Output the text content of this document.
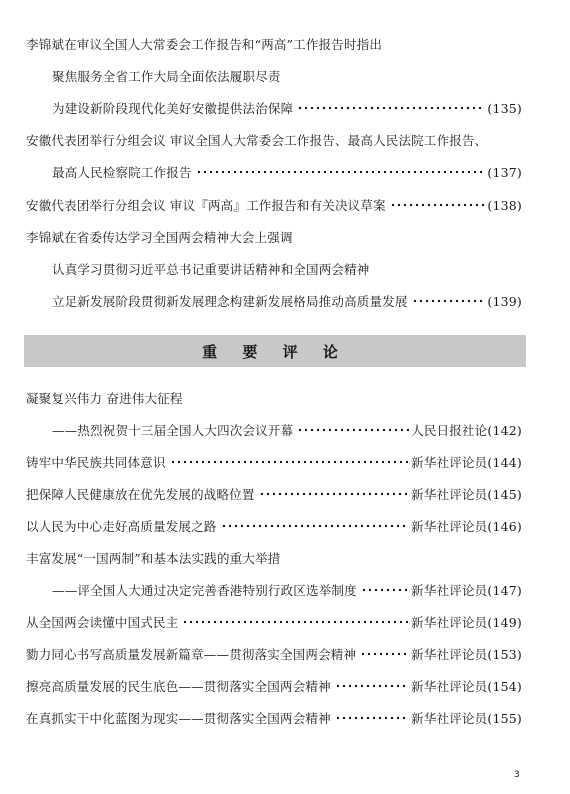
李锦斌在审议全国人大常委会工作报告和“两高”工作报告时指出
聚焦服务全省工作大局全面依法履职尽责
为建设新阶段现代化美好安徽提供法治保障	(135)
安徽代表团举行分组会议 审议全国人大常委会工作报告、最高人民法院工作报告、
最高人民检察院工作报告	(137)
安徽代表团举行分组会议 审议『两高』工作报告和有关决议草案	(138)
李锦斌在省委传达学习全国两会精神大会上强调
认真学习贯彻习近平总书记重要讲话精神和全国两会精神
立足新发展阶段贯彻新发展理念构建新发展格局推动高质量发展	(139)
重 要 评 论
凝聚复兴伟力 奋进伟大征程
——热烈祝贺十三届全国人大四次会议开幕	人民日报社论 (142)
铸牢中华民族共同体意识	新华社评论员 (144)
把保障人民健康放在优先发展的战略位置	新华社评论员 (145)
以人民为中心走好高质量发展之路	新华社评论员 (146)
丰富发展“一国两制”和基本法实践的重大举措
——评全国人大通过决定完善香港特别行政区选举制度	新华社评论员 (147)
从全国两会读懂中国式民主	新华社评论员 (149)
勠力同心书写高质量发展新篇章——贯彻落实全国两会精神	新华社评论员 (153)
擦亮高质量发展的民生底色——贯彻落实全国两会精神	新华社评论员 (154)
在真抓实干中化蓝图为现实——贯彻落实全国两会精神	新华社评论员 (155)
3
